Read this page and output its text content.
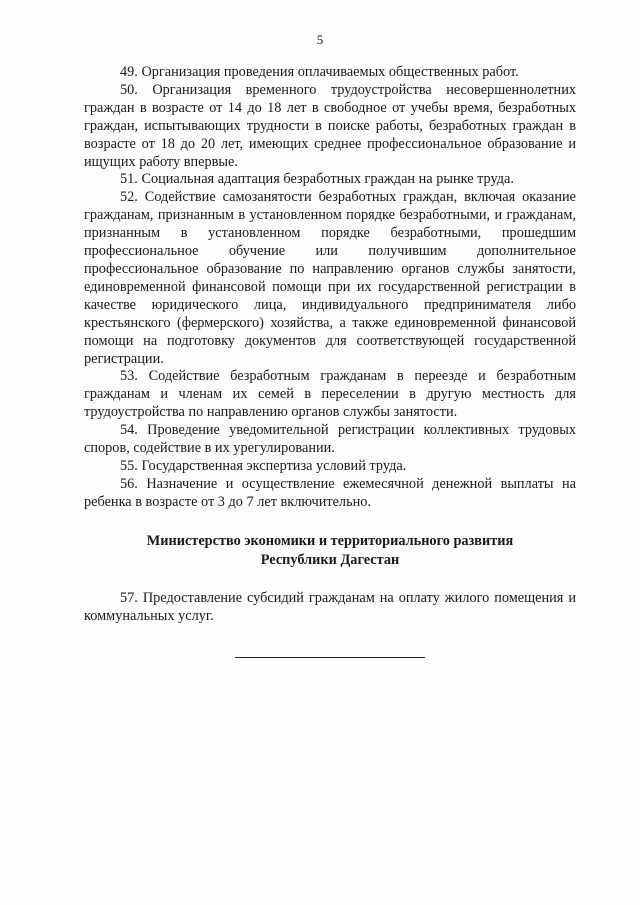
5

49. Организация проведения оплачиваемых общественных работ.

50. Организация временного трудоустройства несовершеннолетних граждан в возрасте от 14 до 18 лет в свободное от учебы время, безработных граждан, испытывающих трудности в поиске работы, безработных граждан в возрасте от 18 до 20 лет, имеющих среднее профессиональное образование и ищущих работу впервые.

51. Социальная адаптация безработных граждан на рынке труда.

52. Содействие самозанятости безработных граждан, включая оказание гражданам, признанным в установленном порядке безработными, и гражданам, признанным в установленном порядке безработными, прошедшим профессиональное обучение или получившим дополнительное профессиональное образование по направлению органов службы занятости, единовременной финансовой помощи при их государственной регистрации в качестве юридического лица, индивидуального предпринимателя либо крестьянского (фермерского) хозяйства, а также единовременной финансовой помощи на подготовку документов для соответствующей государственной регистрации.

53. Содействие безработным гражданам в переезде и безработным гражданам и членам их семей в переселении в другую местность для трудоустройства по направлению органов службы занятости.

54. Проведение уведомительной регистрации коллективных трудовых споров, содействие в их урегулировании.

55. Государственная экспертиза условий труда.

56. Назначение и осуществление ежемесячной денежной выплаты на ребенка в возрасте от 3 до 7 лет включительно.

Министерство экономики и территориального развития
Республики Дагестан

57. Предоставление субсидий гражданам на оплату жилого помещения и коммунальных услуг.
